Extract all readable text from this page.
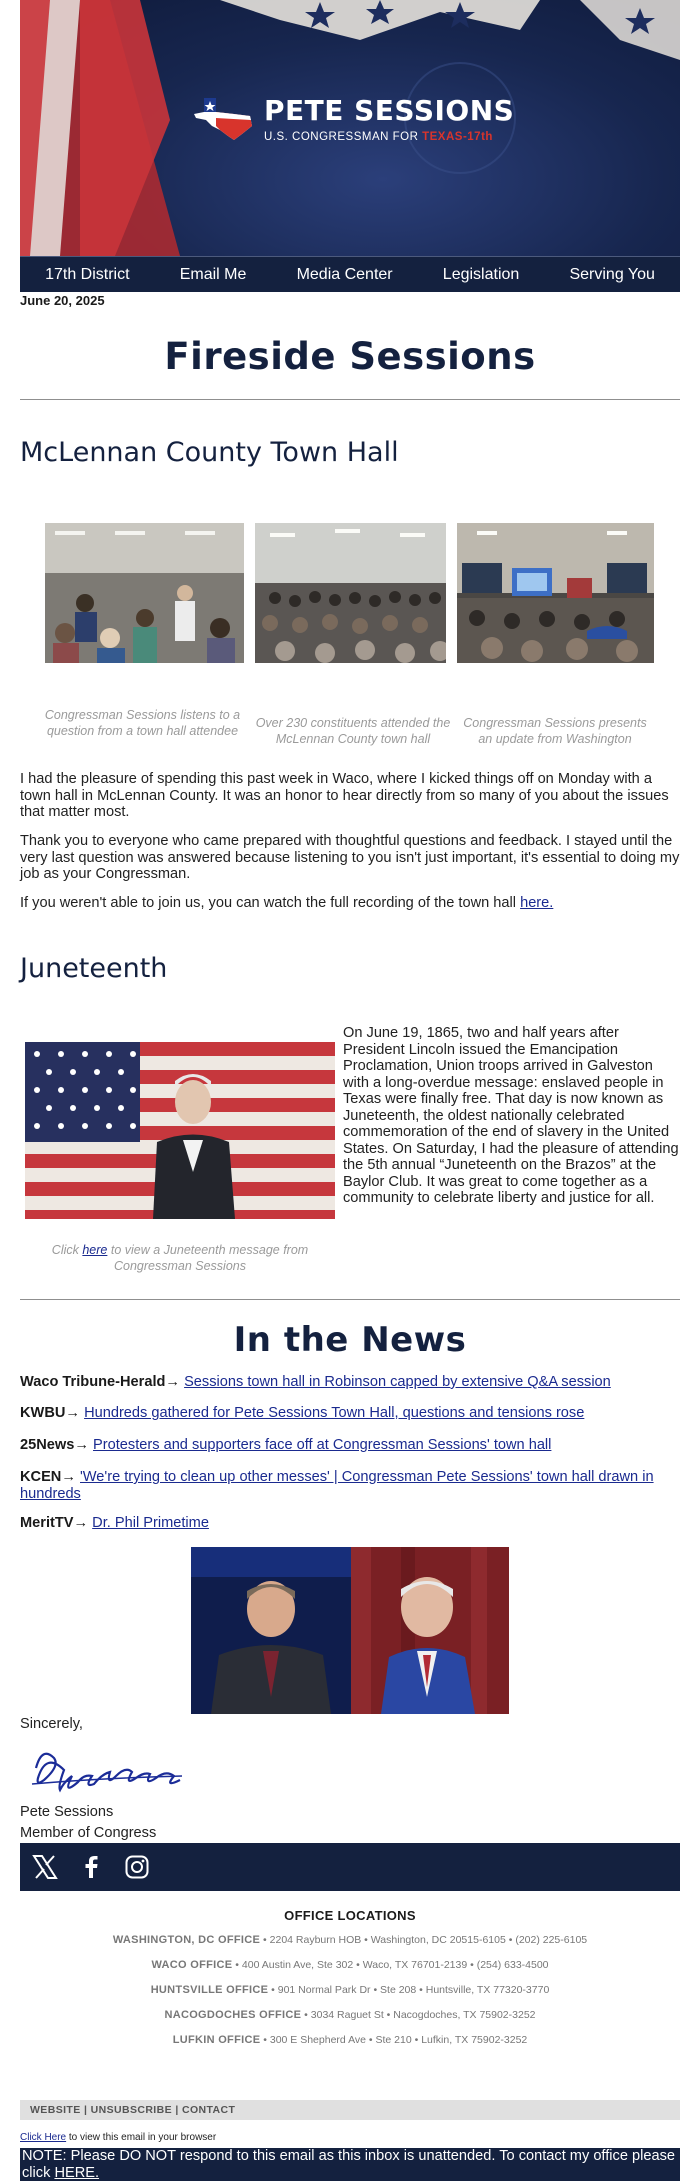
PETE SESSIONS
U.S. CONGRESSMAN FOR TEXAS-17th
17th District	Email Me	Media Center	Legislation	Serving You
June 20, 2025
Fireside Sessions
McLennan County Town Hall
Congressman Sessions listens to a question from a town hall attendee
Over 230 constituents attended the McLennan County town hall
Congressman Sessions presents an update from Washington
I had the pleasure of spending this past week in Waco, where I kicked things off on Monday with a town hall in McLennan County. It was an honor to hear directly from so many of you about the issues that matter most.
Thank you to everyone who came prepared with thoughtful questions and feedback. I stayed until the very last question was answered because listening to you isn't just important, it's essential to doing my job as your Congressman.
If you weren't able to join us, you can watch the full recording of the town hall here.
Juneteenth
On June 19, 1865, two and half years after President Lincoln issued the Emancipation Proclamation, Union troops arrived in Galveston with a long-overdue message: enslaved people in Texas were finally free. That day is now known as Juneteenth, the oldest nationally celebrated commemoration of the end of slavery in the United States. On Saturday, I had the pleasure of attending the 5th annual “Juneteenth on the Brazos” at the Baylor Club. It was great to come together as a community to celebrate liberty and justice for all.
Click here to view a Juneteenth message from Congressman Sessions
In the News
Waco Tribune-Herald→ Sessions town hall in Robinson capped by extensive Q&A session
KWBU→ Hundreds gathered for Pete Sessions Town Hall, questions and tensions rose
25News→ Protesters and supporters face off at Congressman Sessions' town hall
KCEN→ 'We're trying to clean up other messes' | Congressman Pete Sessions' town hall drawn in hundreds
MeritTV→ Dr. Phil Primetime
Sincerely,
Pete Sessions
Member of Congress
OFFICE LOCATIONS
WASHINGTON, DC OFFICE • 2204 Rayburn HOB • Washington, DC 20515-6105 • (202) 225-6105
WACO OFFICE • 400 Austin Ave, Ste 302 • Waco, TX 76701-2139 • (254) 633-4500
HUNTSVILLE OFFICE • 901 Normal Park Dr • Ste 208 • Huntsville, TX 77320-3770
NACOGDOCHES OFFICE • 3034 Raguet St • Nacogdoches, TX 75902-3252
LUFKIN OFFICE • 300 E Shepherd Ave • Ste 210 • Lufkin, TX 75902-3252
WEBSITE | UNSUBSCRIBE | CONTACT
Click Here to view this email in your browser
NOTE: Please DO NOT respond to this email as this inbox is unattended. To contact my office please click HERE.
